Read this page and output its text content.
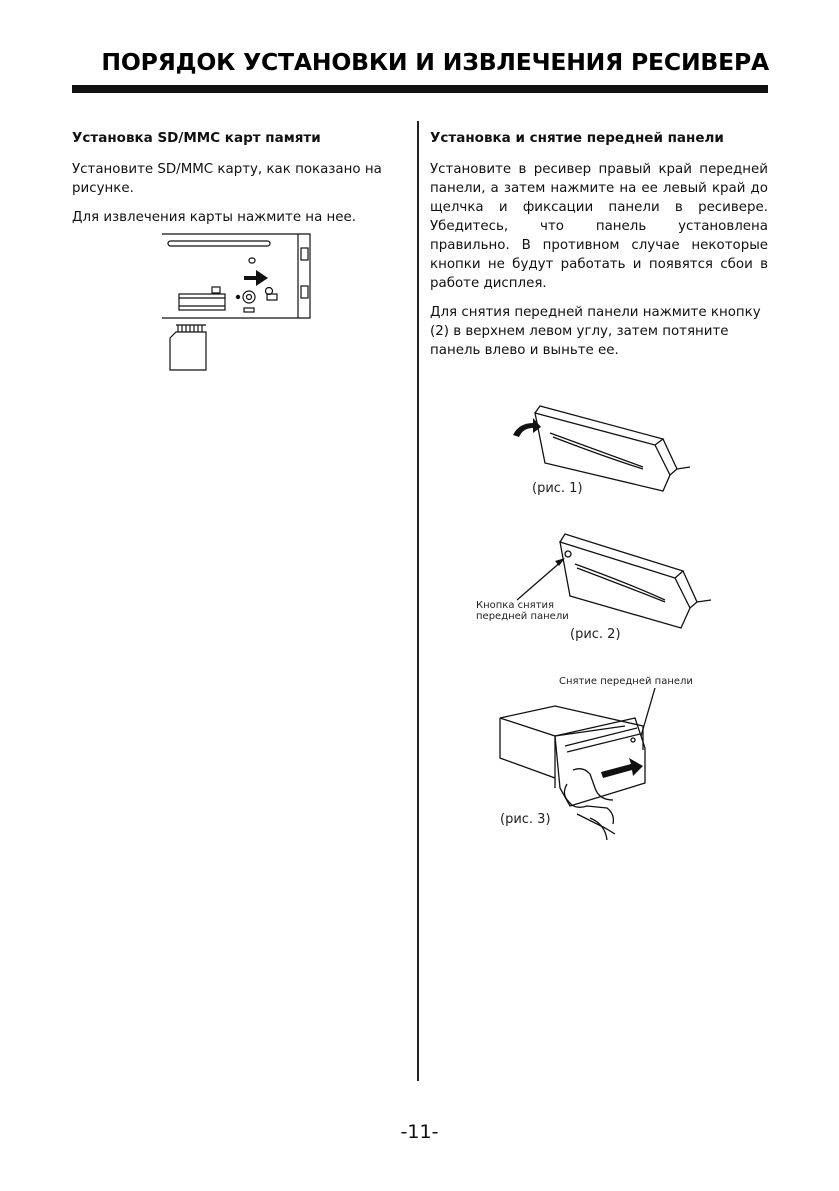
ПОРЯДОК УСТАНОВКИ И ИЗВЛЕЧЕНИЯ РЕСИВЕРА
Установка SD/MMC карт памяти

Установите SD/MMC карту, как показано на рисунке.

Для извлечения карты нажмите на нее.

Установка и снятие передней панели

Установите в ресивер правый край передней панели, а затем нажмите на ее левый край до щелчка и фиксации панели в ресивере. Убедитесь, что панель установлена правильно. В противном случае некоторые кнопки не будут работать и появятся сбои в работе дисплея.

Для снятия передней панели нажмите кнопку (2) в верхнем левом углу, затем потяните панель влево и выньте ее.

(рис. 1)
Кнопка снятия
передней панели
(рис. 2)
Снятие передней панели
(рис. 3)
-11-
